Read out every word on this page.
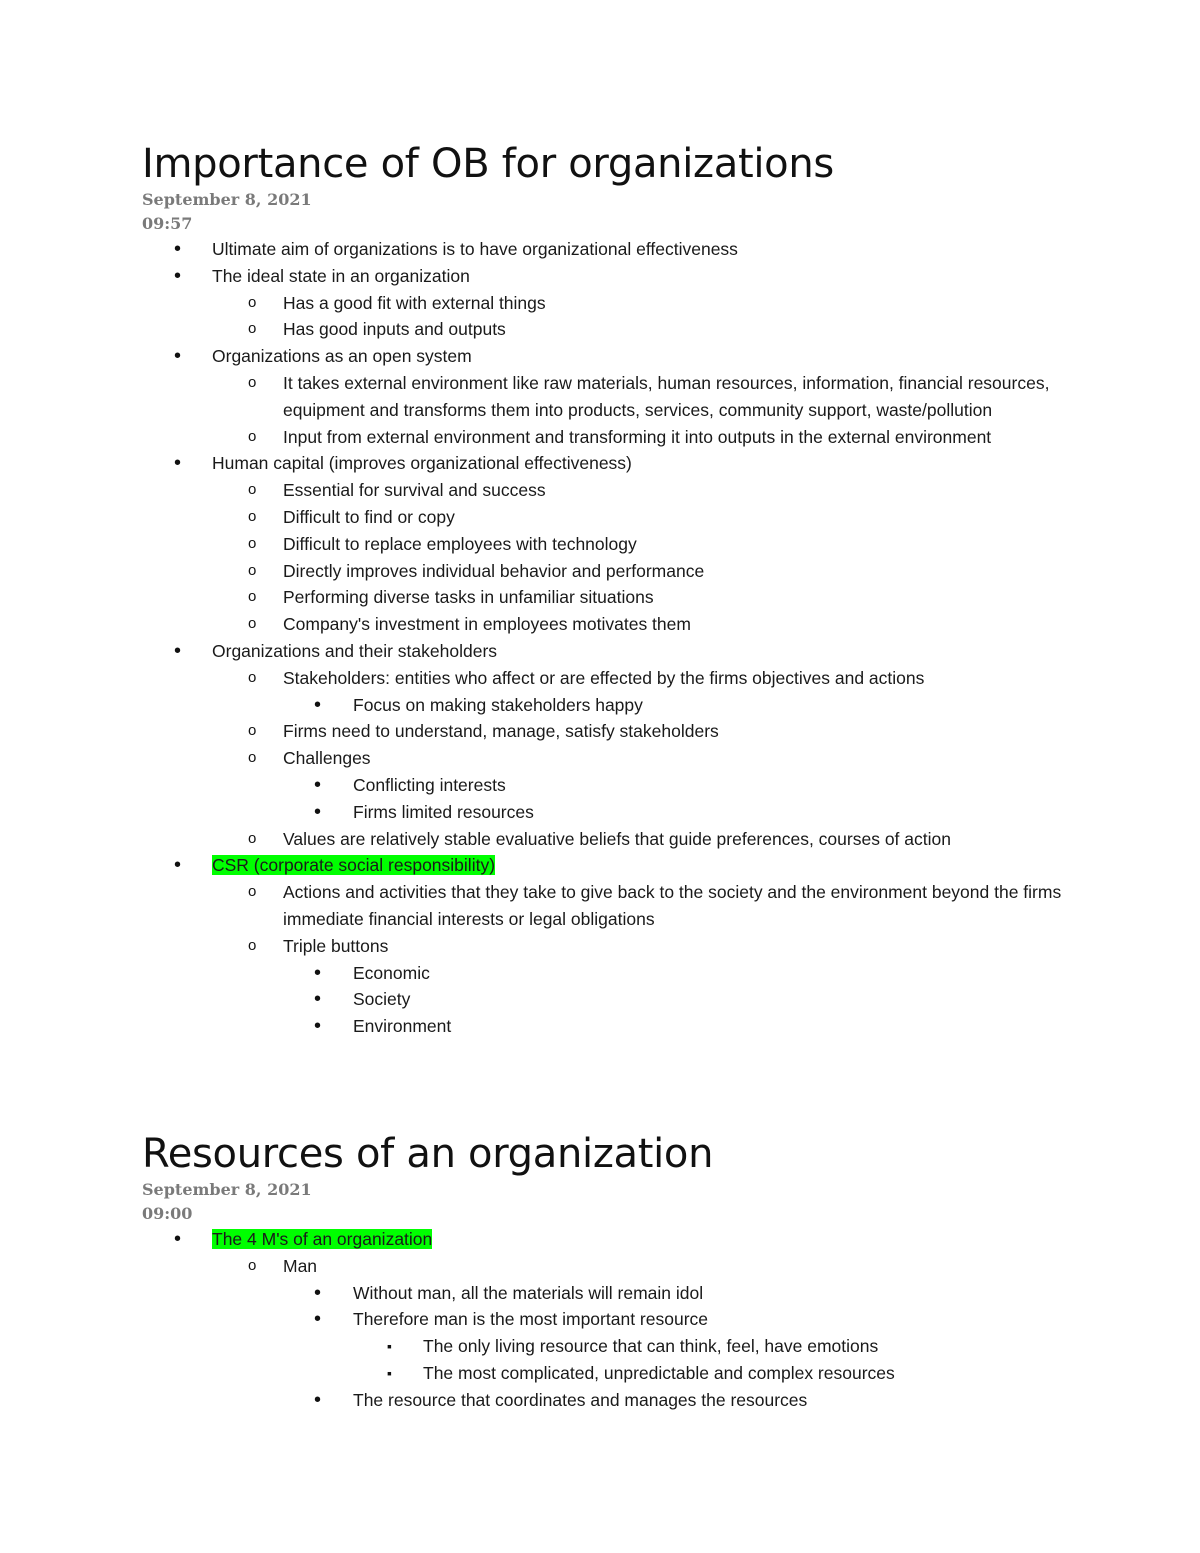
Importance of OB for organizations
September 8, 2021
09:57
• Ultimate aim of organizations is to have organizational effectiveness
• The ideal state in an organization
o Has a good fit with external things
o Has good inputs and outputs
• Organizations as an open system
o It takes external environment like raw materials, human resources, information, financial resources, equipment and transforms them into products, services, community support, waste/pollution
o Input from external environment and transforming it into outputs in the external environment
• Human capital (improves organizational effectiveness)
o Essential for survival and success
o Difficult to find or copy
o Difficult to replace employees with technology
o Directly improves individual behavior and performance
o Performing diverse tasks in unfamiliar situations
o Company's investment in employees motivates them
• Organizations and their stakeholders
o Stakeholders: entities who affect or are effected by the firms objectives and actions
• Focus on making stakeholders happy
o Firms need to understand, manage, satisfy stakeholders
o Challenges
• Conflicting interests
• Firms limited resources
o Values are relatively stable evaluative beliefs that guide preferences, courses of action
• CSR (corporate social responsibility)
o Actions and activities that they take to give back to the society and the environment beyond the firms immediate financial interests or legal obligations
o Triple buttons
• Economic
• Society
• Environment
Resources of an organization
September 8, 2021
09:00
• The 4 M's of an organization
o Man
• Without man, all the materials will remain idol
• Therefore man is the most important resource
▪ The only living resource that can think, feel, have emotions
▪ The most complicated, unpredictable and complex resources
• The resource that coordinates and manages the resources
